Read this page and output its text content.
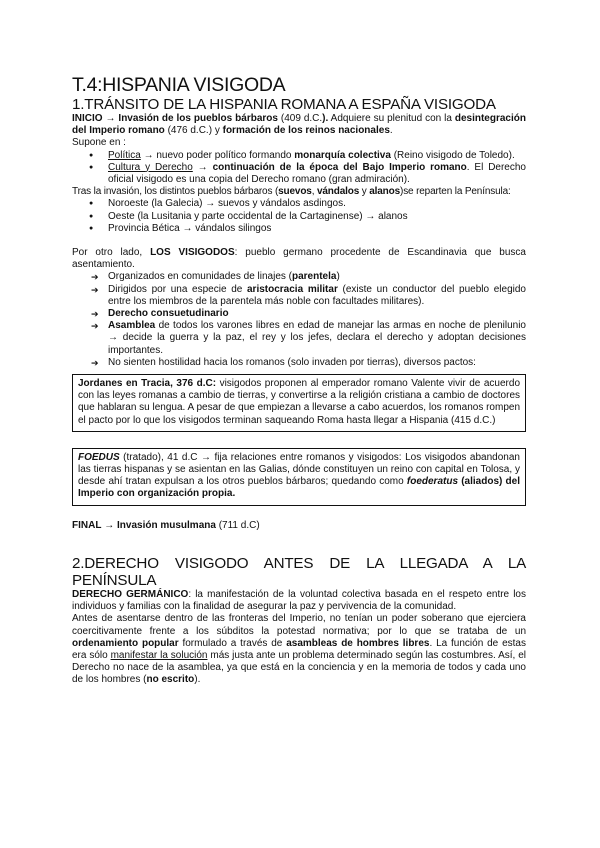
T.4:HISPANIA VISIGODA
1.TRÁNSITO DE LA HISPANIA ROMANA A ESPAÑA VISIGODA

INICIO → Invasión de los pueblos bárbaros (409 d.C.). Adquiere su plenitud con la desintegración del Imperio romano (476 d.C.) y formación de los reinos nacionales.

Supone en :

● Política → nuevo poder político formando monarquía colectiva (Reino visigodo de Toledo).
● Cultura y Derecho → continuación de la época del Bajo Imperio romano. El Derecho oficial visigodo es una copia del Derecho romano (gran admiración).

Tras la invasión, los distintos pueblos bárbaros (suevos, vándalos y alanos)se reparten la Península:

● Noroeste (la Galecia) → suevos y vándalos asdingos.
● Oeste (la Lusitania y parte occidental de la Cartaginense) → alanos
● Provincia Bética → vándalos silingos

Por otro lado, LOS VISIGODOS: pueblo germano procedente de Escandinavia que busca asentamiento.

➔ Organizados en comunidades de linajes (parentela)
➔ Dirigidos por una especie de aristocracia militar (existe un conductor del pueblo elegido entre los miembros de la parentela más noble con facultades militares).
➔ Derecho consuetudinario
➔ Asamblea de todos los varones libres en edad de manejar las armas en noche de plenilunio → decide la guerra y la paz, el rey y los jefes, declara el derecho y adoptan decisiones importantes.
➔ No sienten hostilidad hacia los romanos (solo invaden por tierras), diversos pactos:
Jordanes en Tracia, 376 d.C: visigodos proponen al emperador romano Valente vivir de acuerdo con las leyes romanas a cambio de tierras, y convertirse a la religión cristiana a cambio de doctores que hablaran su lengua. A pesar de que empiezan a llevarse a cabo acuerdos, los romanos rompen el pacto por lo que los visigodos terminan saqueando Roma hasta llegar a Hispania (415 d.C.)
FOEDUS (tratado), 41 d.C → fija relaciones entre romanos y visigodos: Los visigodos abandonan las tierras hispanas y se asientan en las Galias, dónde constituyen un reino con capital en Tolosa, y desde ahí tratan expulsan a los otros pueblos bárbaros; quedando como foederatus (aliados) del Imperio con organización propia.

FINAL → Invasión musulmana (711 d.C)

2.DERECHO VISIGODO ANTES DE LA LLEGADA A LA PENÍNSULA

DERECHO GERMÁNICO: la manifestación de la voluntad colectiva basada en el respeto entre los individuos y familias con la finalidad de asegurar la paz y pervivencia de la comunidad.

Antes de asentarse dentro de las fronteras del Imperio, no tenían un poder soberano que ejerciera coercitivamente frente a los súbditos la potestad normativa; por lo que se trataba de un ordenamiento popular formulado a través de asambleas de hombres libres. La función de estas era sólo manifestar la solución más justa ante un problema determinado según las costumbres. Así, el Derecho no nace de la asamblea, ya que está en la conciencia y en la memoria de todos y cada uno de los hombres (no escrito).
